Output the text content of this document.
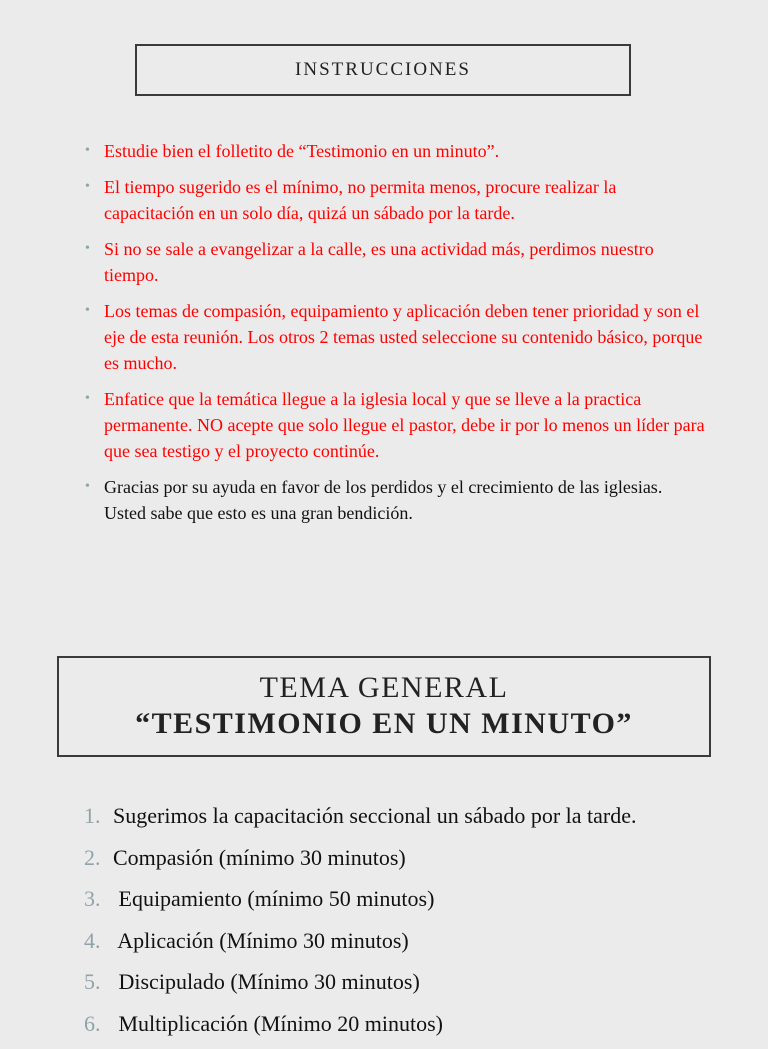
INSTRUCCIONES
• Estudie bien el folletito de “Testimonio en un minuto”.
• El tiempo sugerido es el mínimo, no permita menos, procure realizar la capacitación en un solo día, quizá un sábado por la tarde.
• Si no se sale a evangelizar a la calle, es una actividad más, perdimos nuestro tiempo.
• Los temas de compasión, equipamiento y aplicación deben tener prioridad y son el eje de esta reunión. Los otros 2 temas usted seleccione su contenido básico, porque es mucho.
• Enfatice que la temática llegue a la iglesia local y que se lleve a la practica permanente. NO acepte que solo llegue el pastor, debe ir por lo menos un líder para que sea testigo y el proyecto continúe.
• Gracias por su ayuda en favor de los perdidos y el crecimiento de las iglesias. Usted sabe que esto es una gran bendición.
TEMA GENERAL
“TESTIMONIO EN UN MINUTO”
1. Sugerimos la capacitación seccional un sábado por la tarde.
2. Compasión (mínimo 30 minutos)
3. Equipamiento (mínimo 50 minutos)
4. Aplicación (Mínimo 30 minutos)
5. Discipulado (Mínimo 30 minutos)
6. Multiplicación (Mínimo 20 minutos)
